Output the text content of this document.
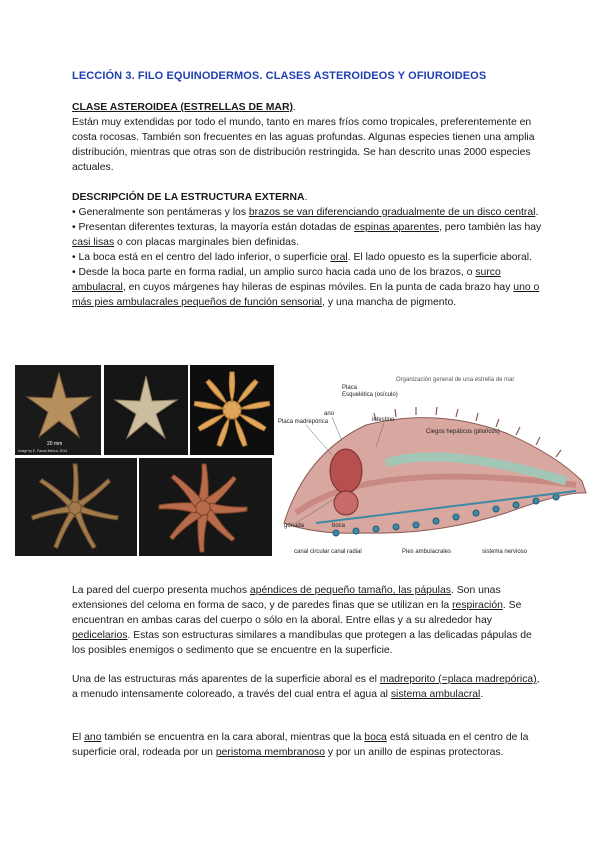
LECCIÓN 3. FILO EQUINODERMOS. CLASES ASTEROIDEOS Y OFIUROIDEOS

CLASE ASTEROIDEA (ESTRELLAS DE MAR).

Están muy extendidas por todo el mundo, tanto en mares fríos como tropicales, preferentemente en costa rocosas. También son frecuentes en las aguas profundas. Algunas especies tienen una amplia distribución, mientras que otras son de distribución restringida. Se han descrito unas 2000 especies actuales.

DESCRIPCIÓN DE LA ESTRUCTURA EXTERNA.

• Generalmente son pentámeras y los brazos se van diferenciando gradualmente de un disco central.

• Presentan diferentes texturas, la mayoría están dotadas de espinas aparentes, pero también las hay casi lisas o con placas marginales bien definidas.

• La boca está en el centro del lado inferior, o superficie oral. El lado opuesto es la superficie aboral.

• Desde la boca parte en forma radial, un amplio surco hacia cada uno de los brazos, o surco ambulacral, en cuyos márgenes hay hileras de espinas móviles. En la punta de cada brazo hay uno o más pies ambulacrales pequeños de función sensorial, y una mancha de pigmento.

20 mm
Image by E. Fauna Ibérica, 2014
Organización general de una estrella de mar
Placa
Esquelética (osículo)
ano
intestino
Ciegos hepáticos (piloricos)
Placa madrepórica
gónada	boca
canal circular canal radial	Pies ambulacrales	sistema nervioso

La pared del cuerpo presenta muchos apéndices de pequeño tamaño, las pápulas. Son unas extensiones del celoma en forma de saco, y de paredes finas que se utilizan en la respiración. Se encuentran en ambas caras del cuerpo o sólo en la aboral. Entre ellas y a su alrededor hay pedicelarios. Estas son estructuras similares a mandíbulas que protegen a las delicadas pápulas de los posibles enemigos o sedimento que se encuentre en la superficie.

Una de las estructuras más aparentes de la superficie aboral es el madreporito (=placa madrepórica), a menudo intensamente coloreado, a través del cual entra el agua al sistema ambulacral.

El ano también se encuentra en la cara aboral, mientras que la boca está situada en el centro de la superficie oral, rodeada por un peristoma membranoso y por un anillo de espinas protectoras.
